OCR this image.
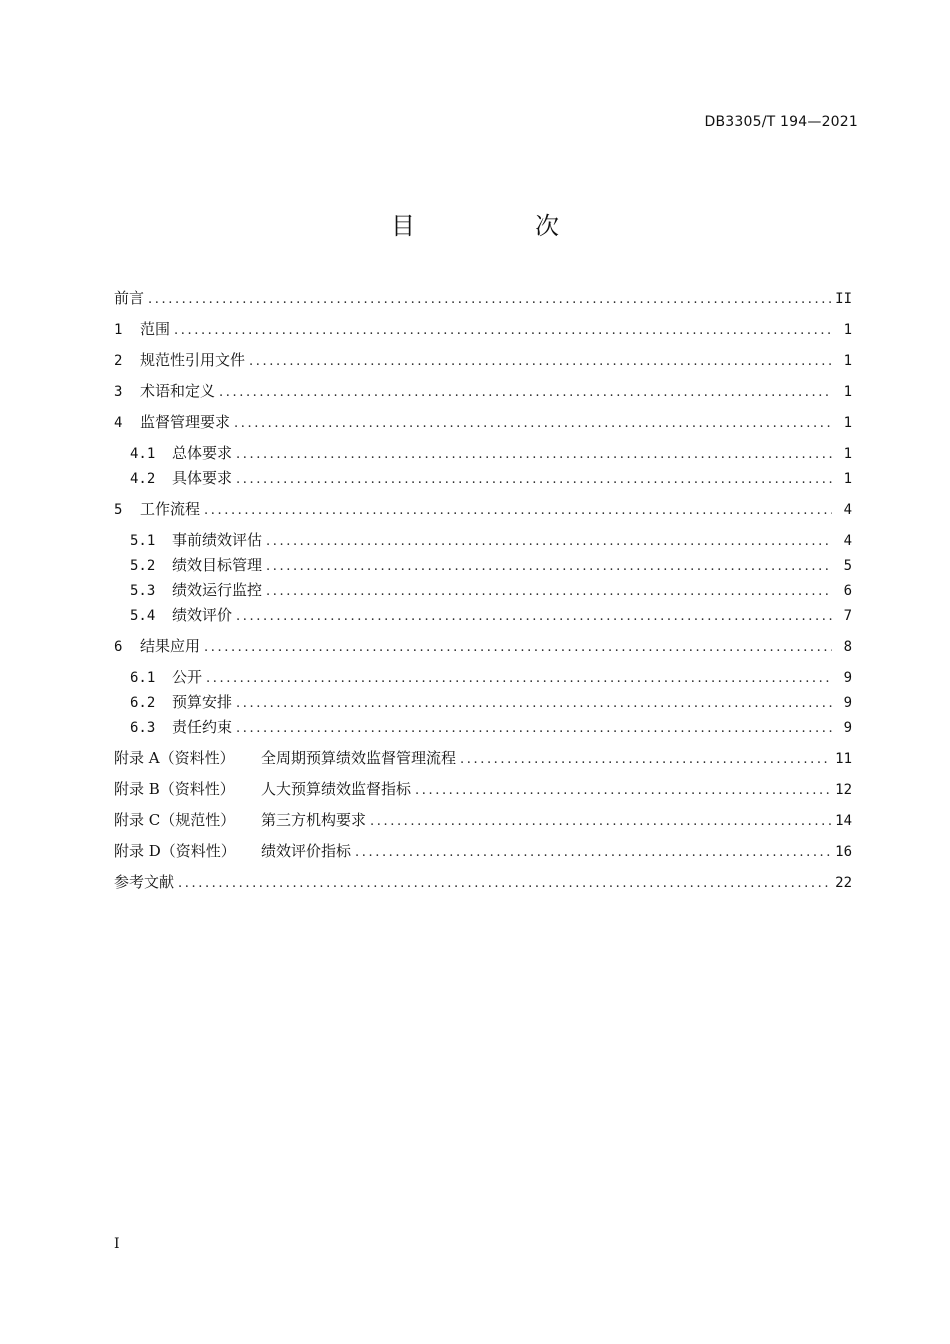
DB3305/T 194—2021
目　次
前言 .....	II
1	范围 .....	1
2	规范性引用文件 .....	1
3	术语和定义 .....	1
4	监督管理要求 .....	1
4.1	总体要求 .....	1
4.2	具体要求 .....	1
5	工作流程 .....	4
5.1	事前绩效评估 .....	4
5.2	绩效目标管理 .....	5
5.3	绩效运行监控 .....	6
5.4	绩效评价 .....	7
6	结果应用 .....	8
6.1	公开 .....	9
6.2	预算安排 .....	9
6.3	责任约束 .....	9
附录 A（资料性）	全周期预算绩效监督管理流程 .....	11
附录 B（资料性）	人大预算绩效监督指标 .....	12
附录 C（规范性）	第三方机构要求 .....	14
附录 D（资料性）	绩效评价指标 .....	16
参考文献 .....	22
I
